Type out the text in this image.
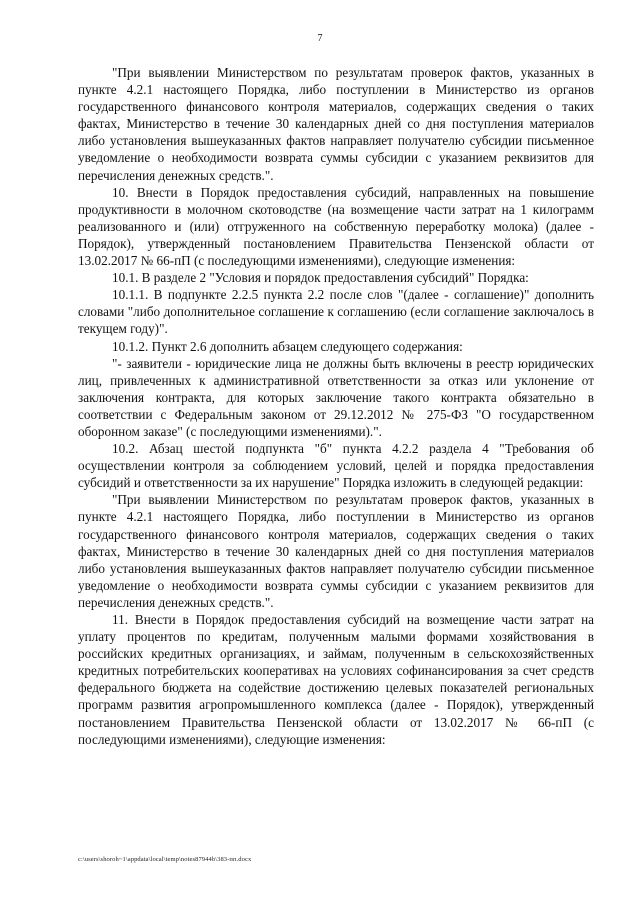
7

"При выявлении Министерством по результатам проверок фактов, указанных в пункте 4.2.1 настоящего Порядка, либо поступлении в Министерство из органов государственного финансового контроля материалов, содержащих сведения о таких фактах, Министерство в течение 30 календарных дней со дня поступления материалов либо установления вышеуказанных фактов направляет получателю субсидии письменное уведомление о необходимости возврата суммы субсидии с указанием реквизитов для перечисления денежных средств.".

10. Внести в Порядок предоставления субсидий, направленных на повышение продуктивности в молочном скотоводстве (на возмещение части затрат на 1 килограмм реализованного и (или) отгруженного на собственную переработку молока) (далее - Порядок), утвержденный постановлением Правительства Пензенской области от 13.02.2017 № 66-пП (с последующими изменениями), следующие изменения:

10.1. В разделе 2 "Условия и порядок предоставления субсидий" Порядка:

10.1.1. В подпункте 2.2.5 пункта 2.2 после слов "(далее - соглашение)" дополнить словами "либо дополнительное соглашение к соглашению (если соглашение заключалось в текущем году)".

10.1.2. Пункт 2.6 дополнить абзацем следующего содержания:

"- заявители - юридические лица не должны быть включены в реестр юридических лиц, привлеченных к административной ответственности за отказ или уклонение от заключения контракта, для которых заключение такого контракта обязательно в соответствии с Федеральным законом от 29.12.2012 № 275-ФЗ "О государственном оборонном заказе" (с последующими изменениями).".

10.2. Абзац шестой подпункта "б" пункта 4.2.2 раздела 4 "Требования об осуществлении контроля за соблюдением условий, целей и порядка предоставления субсидий и ответственности за их нарушение" Порядка изложить в следующей редакции:

"При выявлении Министерством по результатам проверок фактов, указанных в пункте 4.2.1 настоящего Порядка, либо поступлении в Министерство из органов государственного финансового контроля материалов, содержащих сведения о таких фактах, Министерство в течение 30 календарных дней со дня поступления материалов либо установления вышеуказанных фактов направляет получателю субсидии письменное уведомление о необходимости возврата суммы субсидии с указанием реквизитов для перечисления денежных средств.".

11. Внести в Порядок предоставления субсидий на возмещение части затрат на уплату процентов по кредитам, полученным малыми формами хозяйствования в российских кредитных организациях, и займам, полученным в сельскохозяйственных кредитных потребительских кооперативах на условиях софинансирования за счет средств федерального бюджета на содействие достижению целевых показателей региональных программ развития агропромышленного комплекса (далее - Порядок), утвержденный постановлением Правительства Пензенской области от 13.02.2017 № 66-пП (с последующими изменениями), следующие изменения:

c:\users\shoroh~1\appdata\local\temp\notes87944b\383-пп.docx
